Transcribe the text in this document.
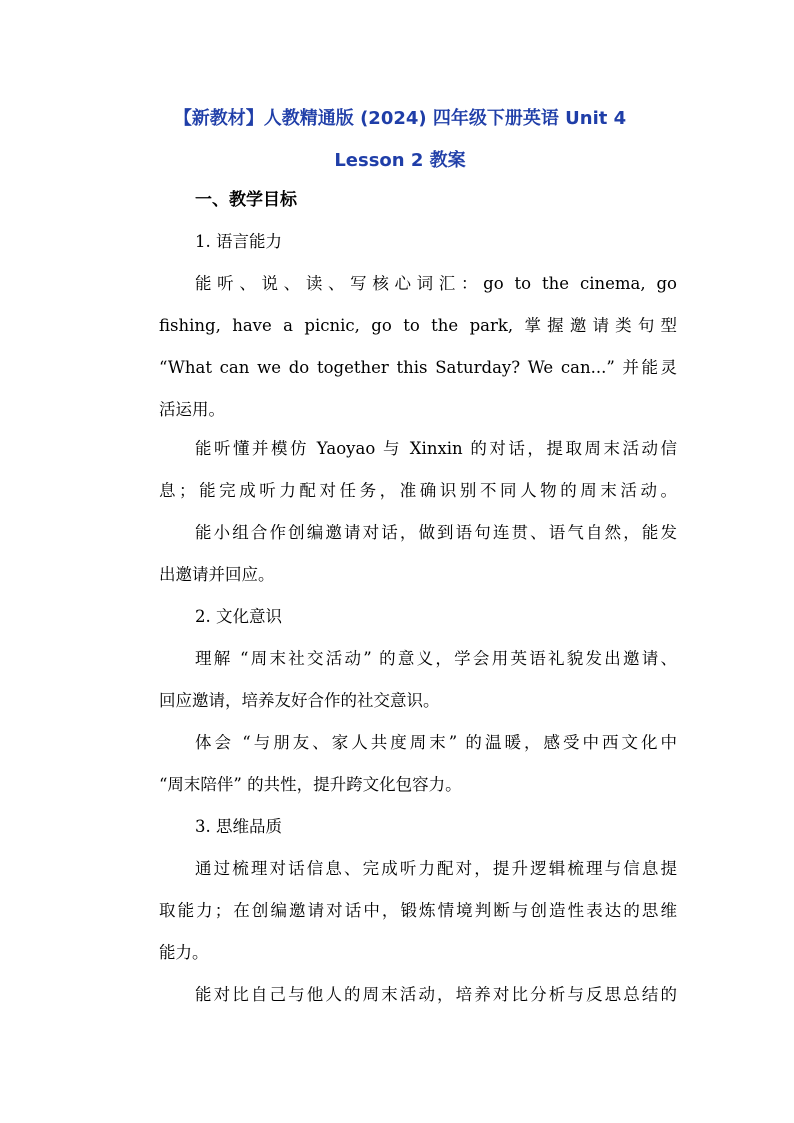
【新教材】人教精通版 (2024) 四年级下册英语 Unit 4
Lesson 2 教案
一、教学目标
1. 语言能力
能听、说、读、写核心词汇：go to the cinema, go
fishing, have a picnic, go to the park, 掌握邀请类句型
“What can we do together this Saturday? We can...” 并能灵
活运用。
能听懂并模仿 Yaoyao 与 Xinxin 的对话，提取周末活动信
息；能完成听力配对任务，准确识别不同人物的周末活动。
能小组合作创编邀请对话，做到语句连贯、语气自然，能发
出邀请并回应。
2. 文化意识
理解 “周末社交活动” 的意义，学会用英语礼貌发出邀请、
回应邀请，培养友好合作的社交意识。
体会 “与朋友、家人共度周末” 的温暖，感受中西文化中
“周末陪伴” 的共性，提升跨文化包容力。
3. 思维品质
通过梳理对话信息、完成听力配对，提升逻辑梳理与信息提
取能力；在创编邀请对话中，锻炼情境判断与创造性表达的思维
能力。
能对比自己与他人的周末活动，培养对比分析与反思总结的
